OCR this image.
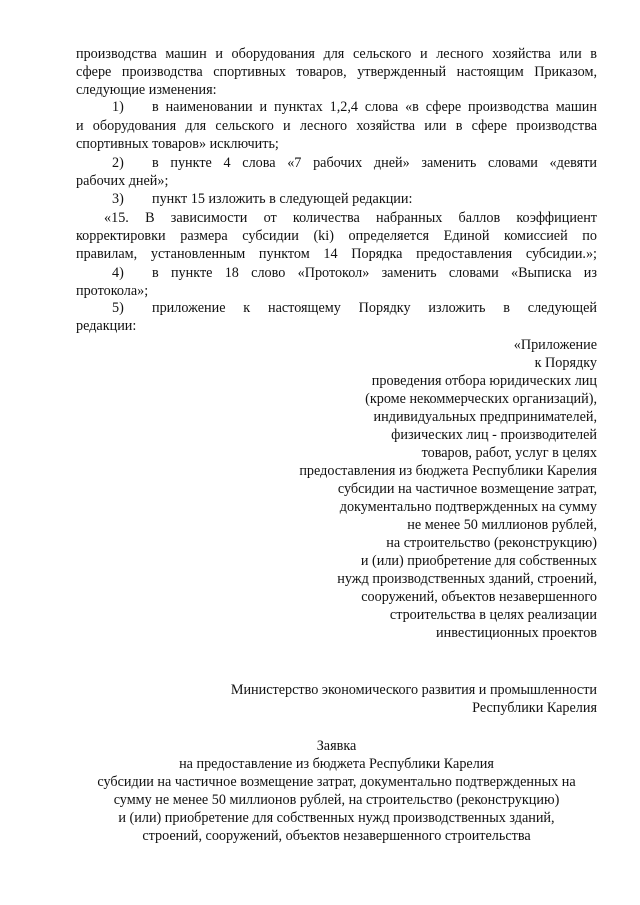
производства машин и оборудования для сельского и лесного хозяйства или в
сфере производства спортивных товаров, утвержденный настоящим Приказом,
следующие изменения:
1) в наименовании и пунктах 1,2,4 слова «в сфере производства машин
и оборудования для сельского и лесного хозяйства или в сфере производства
спортивных товаров» исключить;
2) в пункте 4 слова «7 рабочих дней» заменить словами «девяти
рабочих дней»;
3) пункт 15 изложить в следующей редакции:
«15. В зависимости от количества набранных баллов коэффициент
корректировки размера субсидии (ki) определяется Единой комиссией по
правилам, установленным пунктом 14 Порядка предоставления субсидии.»;
4) в пункте 18 слово «Протокол» заменить словами «Выписка из
протокола»;
5) приложение к настоящему Порядку изложить в следующей
редакции:
«Приложение
к Порядку
проведения отбора юридических лиц
(кроме некоммерческих организаций),
индивидуальных предпринимателей,
физических лиц - производителей
товаров, работ, услуг в целях
предоставления из бюджета Республики Карелия
субсидии на частичное возмещение затрат,
документально подтвержденных на сумму
не менее 50 миллионов рублей,
на строительство (реконструкцию)
и (или) приобретение для собственных
нужд производственных зданий, строений,
сооружений, объектов незавершенного
строительства в целях реализации
инвестиционных проектов
Министерство экономического развития и промышленности
Республики Карелия
Заявка
на предоставление из бюджета Республики Карелия
субсидии на частичное возмещение затрат, документально подтвержденных на
сумму не менее 50 миллионов рублей, на строительство (реконструкцию)
и (или) приобретение для собственных нужд производственных зданий,
строений, сооружений, объектов незавершенного строительства
